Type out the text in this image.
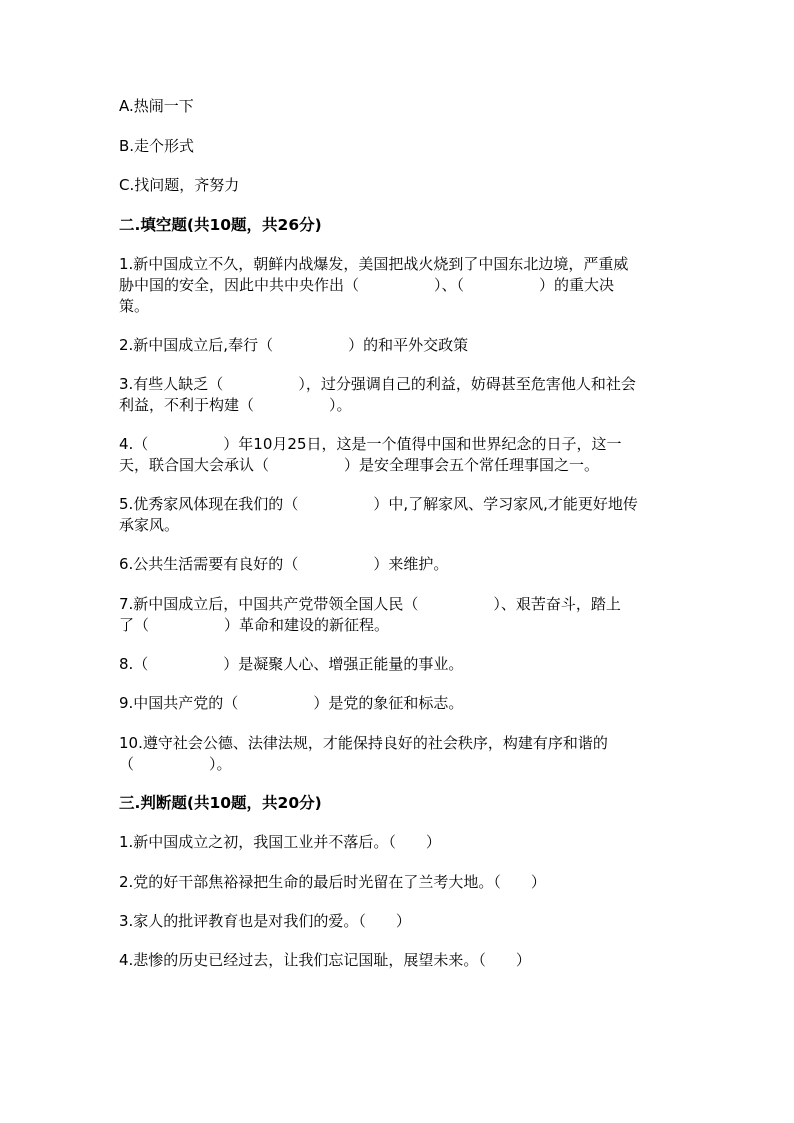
A.热闹一下
B.走个形式
C.找问题，齐努力
二.填空题(共10题，共26分)
1.新中国成立不久，朝鲜内战爆发，美国把战火烧到了中国东北边境，严重威
胁中国的安全，因此中共中央作出（　　　　　）、（　　　　　）的重大决
策。
2.新中国成立后,奉行（　　　　　）的和平外交政策
3.有些人缺乏（　　　　　），过分强调自己的利益，妨碍甚至危害他人和社会
利益，不利于构建（　　　　　）。
4.（　　　　　）年10月25日，这是一个值得中国和世界纪念的日子，这一
天，联合国大会承认（　　　　　）是安全理事会五个常任理事国之一。
5.优秀家风体现在我们的（　　　　　）中,了解家风、学习家风,才能更好地传
承家风。
6.公共生活需要有良好的（　　　　　）来维护。
7.新中国成立后，中国共产党带领全国人民（　　　　　）、艰苦奋斗，踏上
了（　　　　　）革命和建设的新征程。
8.（　　　　　）是凝聚人心、增强正能量的事业。
9.中国共产党的（　　　　　）是党的象征和标志。
10.遵守社会公德、法律法规，才能保持良好的社会秩序，构建有序和谐的
（　　　　　）。
三.判断题(共10题，共20分)
1.新中国成立之初，我国工业并不落后。（　　）
2.党的好干部焦裕禄把生命的最后时光留在了兰考大地。（　　）
3.家人的批评教育也是对我们的爱。（　　）
4.悲惨的历史已经过去，让我们忘记国耻，展望未来。（　　）
